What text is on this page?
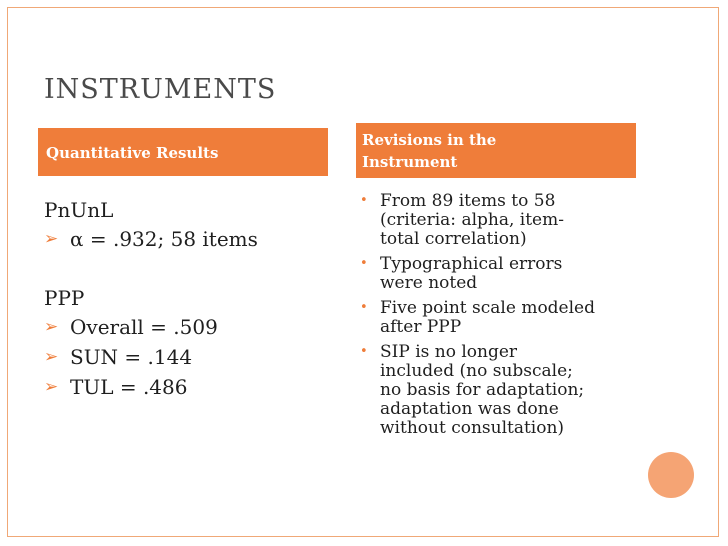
INSTRUMENTS
Quantitative Results
Revisions in the
Instrument
PnUnL
➢ α = .932; 58 items
PPP
➢ Overall = .509
➢ SUN = .144
➢ TUL = .486
• From 89 items to 58
(criteria: alpha, item-
total correlation)
• Typographical errors
were noted
• Five point scale modeled
after PPP
• SIP is no longer
included (no subscale;
no basis for adaptation;
adaptation was done
without consultation)
